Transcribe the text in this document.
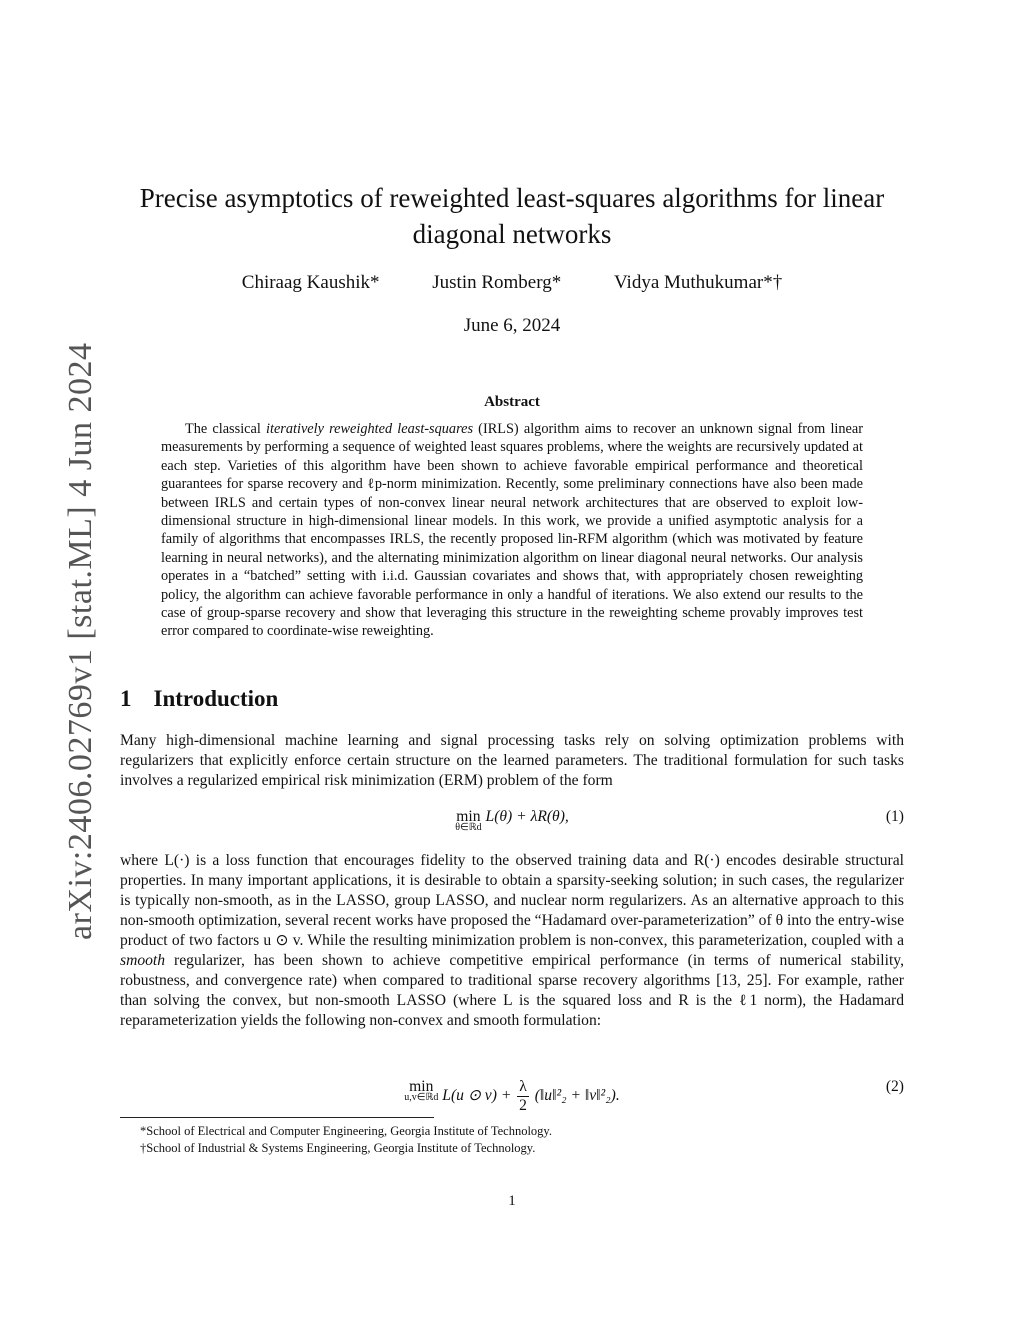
arXiv:2406.02769v1 [stat.ML] 4 Jun 2024
Precise asymptotics of reweighted least-squares algorithms for linear diagonal networks
Chiraag Kaushik*	Justin Romberg*	Vidya Muthukumar*†
June 6, 2024
Abstract

The classical iteratively reweighted least-squares (IRLS) algorithm aims to recover an unknown signal from linear measurements by performing a sequence of weighted least squares problems, where the weights are recursively updated at each step. Varieties of this algorithm have been shown to achieve favorable empirical performance and theoretical guarantees for sparse recovery and ℓp-norm minimization. Recently, some preliminary connections have also been made between IRLS and certain types of non-convex linear neural network architectures that are observed to exploit low-dimensional structure in high-dimensional linear models. In this work, we provide a unified asymptotic analysis for a family of algorithms that encompasses IRLS, the recently proposed lin-RFM algorithm (which was motivated by feature learning in neural networks), and the alternating minimization algorithm on linear diagonal neural networks. Our analysis operates in a “batched” setting with i.i.d. Gaussian covariates and shows that, with appropriately chosen reweighting policy, the algorithm can achieve favorable performance in only a handful of iterations. We also extend our results to the case of group-sparse recovery and show that leveraging this structure in the reweighting scheme provably improves test error compared to coordinate-wise reweighting.

1 Introduction

Many high-dimensional machine learning and signal processing tasks rely on solving optimization problems with regularizers that explicitly enforce certain structure on the learned parameters. The traditional formulation for such tasks involves a regularized empirical risk minimization (ERM) problem of the form

min
θ∈ℝd
L(θ) + λR(θ),	(1)

where L(·) is a loss function that encourages fidelity to the observed training data and R(·) encodes desirable structural properties. In many important applications, it is desirable to obtain a sparsity-seeking solution; in such cases, the regularizer is typically non-smooth, as in the LASSO, group LASSO, and nuclear norm regularizers. As an alternative approach to this non-smooth optimization, several recent works have proposed the “Hadamard over-parameterization” of θ into the entry-wise product of two factors u ⊙ v. While the resulting minimization problem is non-convex, this parameterization, coupled with a smooth regularizer, has been shown to achieve competitive empirical performance (in terms of numerical stability, robustness, and convergence rate) when compared to traditional sparse recovery algorithms [13, 25]. For example, rather than solving the convex, but non-smooth LASSO (where L is the squared loss and R is the ℓ1 norm), the Hadamard reparameterization yields the following non-convex and smooth formulation:

min
u,v∈ℝd L(u ⊙ $v) + \frac{\lambda}{2}$ (‖u‖²₂ + ‖v‖²₂).
(2)
*School of Electrical and Computer Engineering, Georgia Institute of Technology.
†School of Industrial & Systems Engineering, Georgia Institute of Technology.
1
